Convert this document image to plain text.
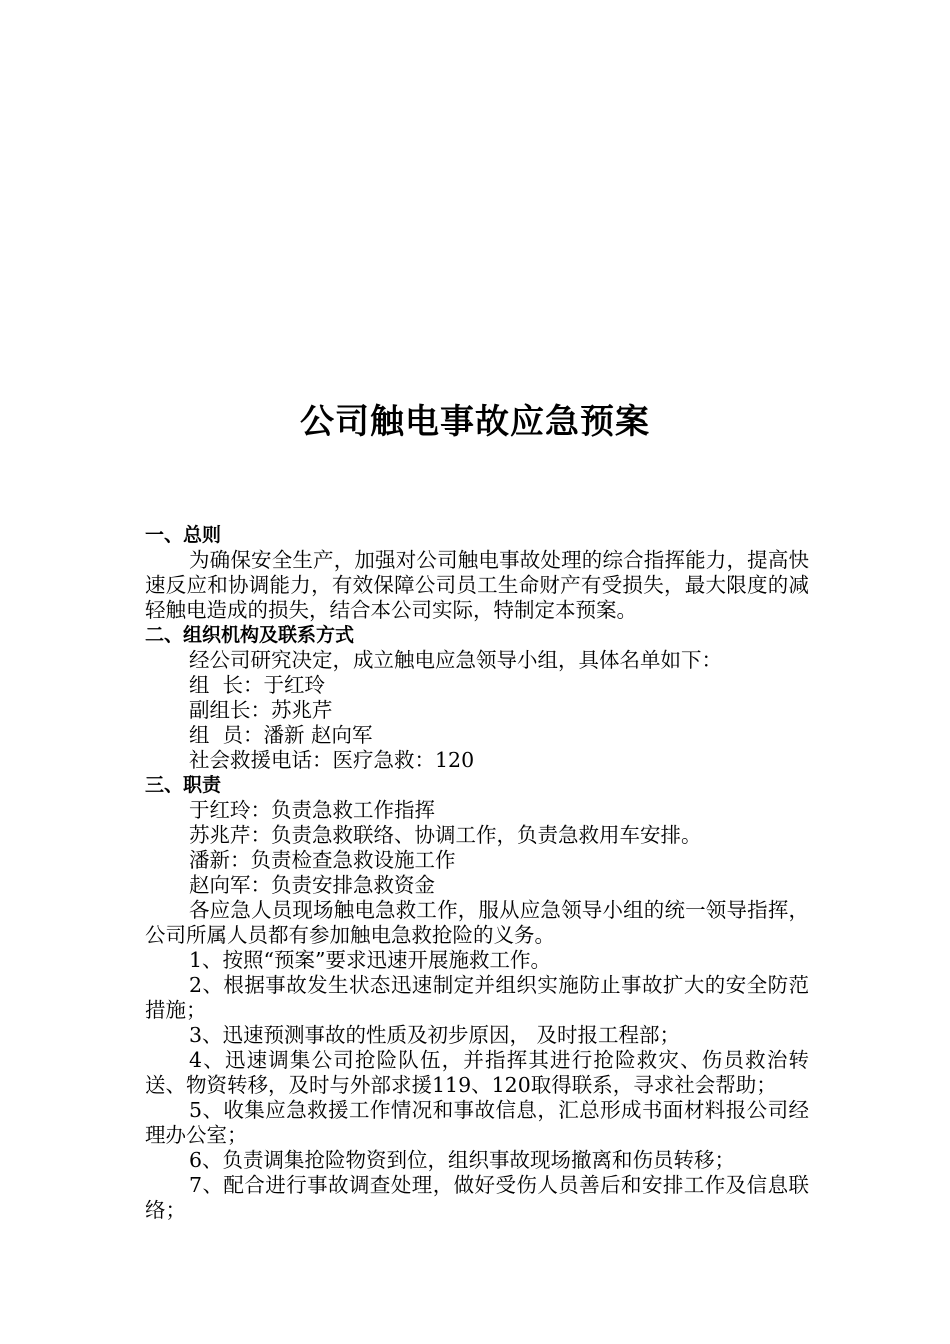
公司触电事故应急预案
一、总则

为确保安全生产，加强对公司触电事故处理的综合指挥能力，提高快速反应和协调能力，有效保障公司员工生命财产有受损失，最大限度的减轻触电造成的损失，结合本公司实际，特制定本预案。

二、组织机构及联系方式

经公司研究决定，成立触电应急领导小组，具体名单如下：

组  长：于红玲

副组长：苏兆芹

组  员：潘新 赵向军

社会救援电话：医疗急救：120

三、职责

于红玲：负责急救工作指挥

苏兆芹：负责急救联络、协调工作，负责急救用车安排。

潘新：负责检查急救设施工作

赵向军：负责安排急救资金

各应急人员现场触电急救工作，服从应急领导小组的统一领导指挥，公司所属人员都有参加触电急救抢险的义务。

1、按照“预案”要求迅速开展施救工作。

2、根据事故发生状态迅速制定并组织实施防止事故扩大的安全防范措施；

3、迅速预测事故的性质及初步原因， 及时报工程部；

4、迅速调集公司抢险队伍，并指挥其进行抢险救灾、伤员救治转送、物资转移，及时与外部求援119、120取得联系，寻求社会帮助；

5、收集应急救援工作情况和事故信息，汇总形成书面材料报公司经理办公室；

6、负责调集抢险物资到位，组织事故现场撤离和伤员转移；

7、配合进行事故调查处理，做好受伤人员善后和安排工作及信息联络；
